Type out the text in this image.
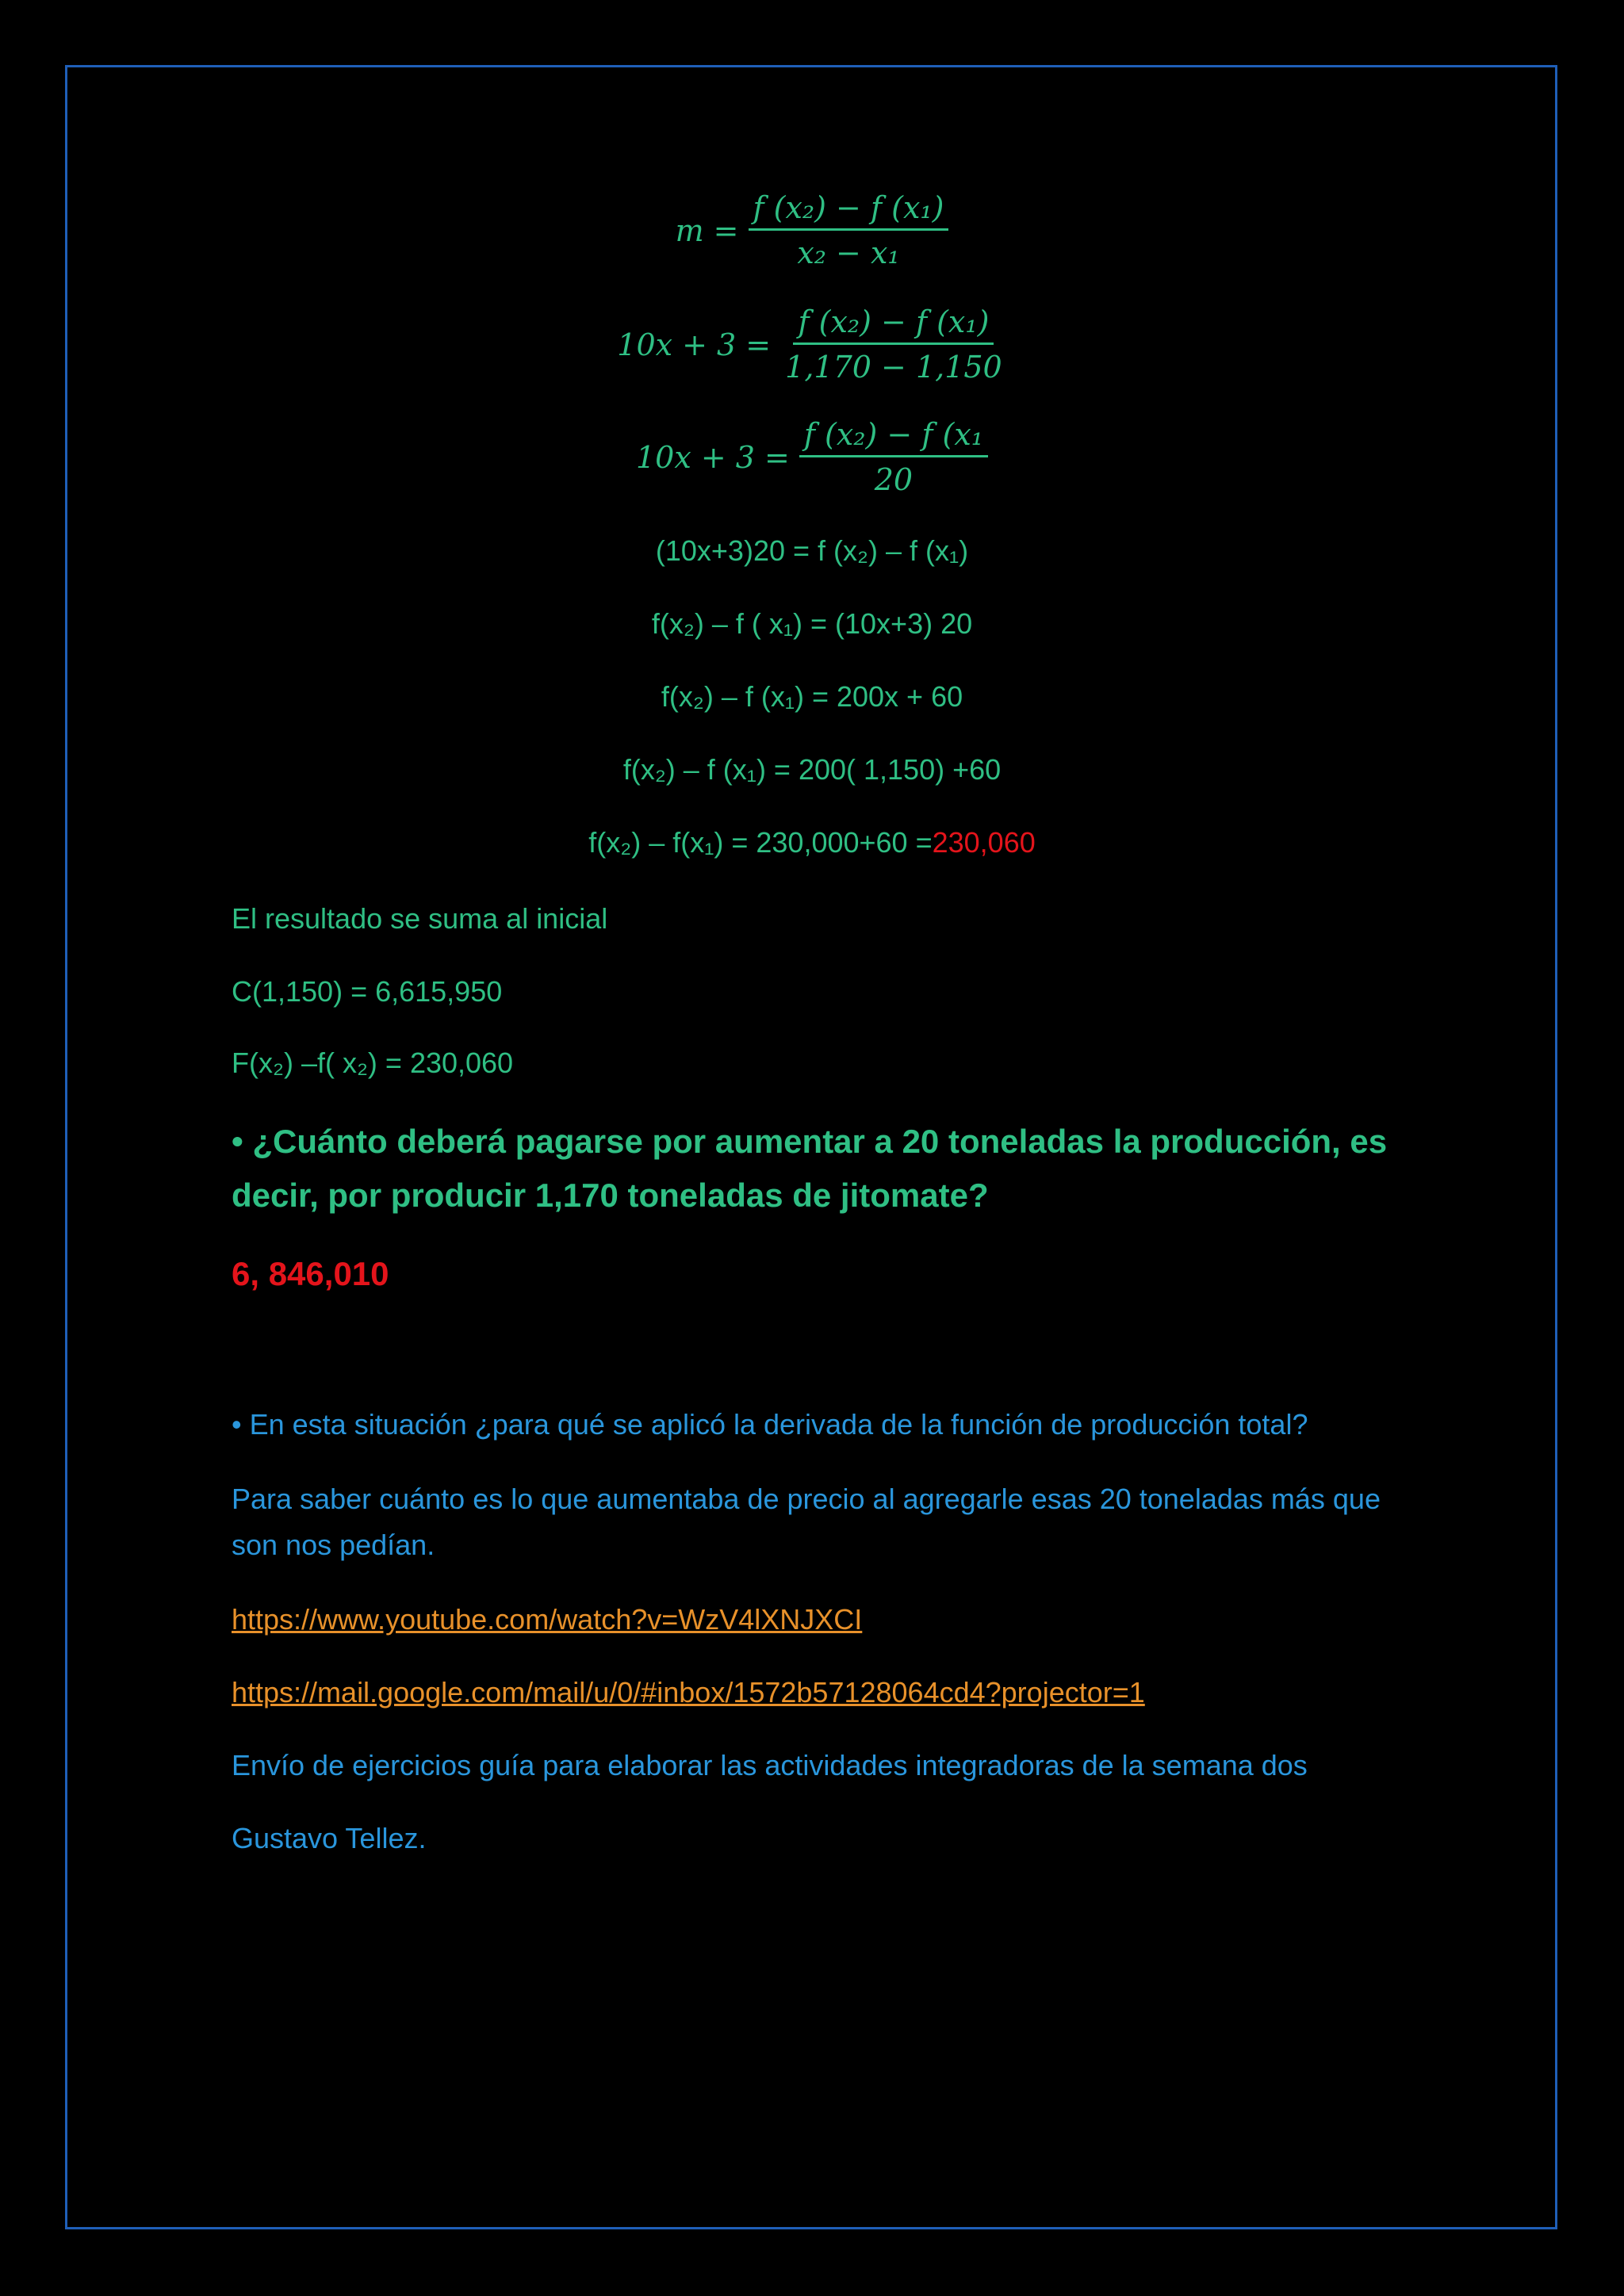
$m = \frac{\text{f (x₂) − f (x₁)}}{\text{x₂ − x₁}}$
$10x + 3 = \frac{\text{f (x₂) − f (x₁)}}{1,170 - 1,150}$
$10x + 3 = \frac{\text{f (x₂) − f (x₁}}{20}$
(10x+3)20 = f (x₂) – f (x₁)
f(x₂) – f ( x₁) = (10x+3) 20
f(x₂) – f (x₁) = 200x + 60
f(x₂) – f (x₁) = 200( 1,150) +60
f(x₂) – f(x₁) = 230,000+60 =230,060
El resultado se suma al inicial
C(1,150) = 6,615,950
F(x₂) –f( x₂) = 230,060
• ¿Cuánto deberá pagarse por aumentar a 20 toneladas la producción, es decir, por producir 1,170 toneladas de jitomate?
6, 846,010
• En esta situación ¿para qué se aplicó la derivada de la función de producción total?
Para saber cuánto es lo que aumentaba de precio al agregarle esas 20 toneladas más que son nos pedían.
https://www.youtube.com/watch?v=WzV4lXNJXCI
https://mail.google.com/mail/u/0/#inbox/1572b57128064cd4?projector=1
Envío de ejercicios guía para elaborar las actividades integradoras de la semana dos
Gustavo Tellez.
